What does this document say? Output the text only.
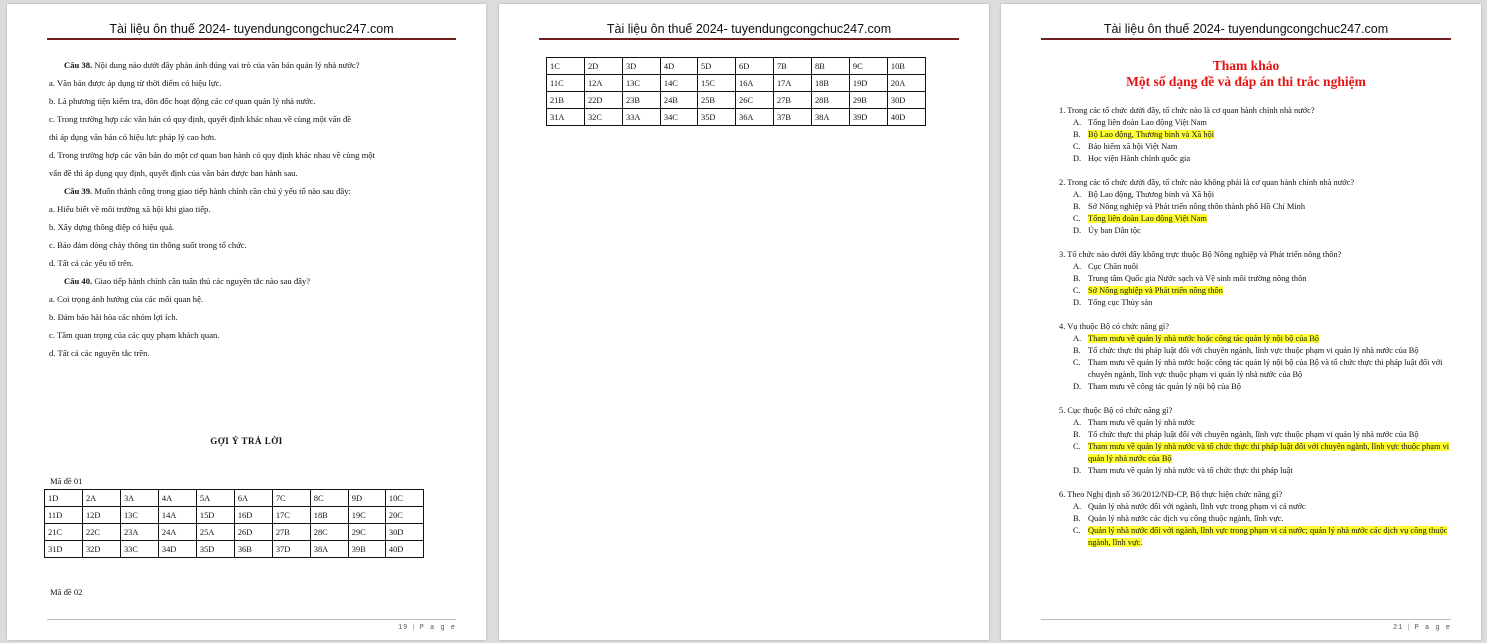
Tài liệu ôn thuế 2024- tuyendungcongchuc247.com

Câu 38. Nội dung nào dưới đây phản ánh đúng vai trò của văn bản quản lý nhà nước?

a. Văn bản được áp dụng từ thời điểm có hiệu lực.

b. Là phương tiện kiểm tra, đôn đốc hoạt động các cơ quan quản lý nhà nước.

c. Trong trường hợp các văn bản có quy định, quyết định khác nhau về cùng một vấn đề

thì áp dụng văn bản có hiệu lực pháp lý cao hơn.

d. Trong trường hợp các văn bản do một cơ quan ban hành có quy định khác nhau về cùng một

vấn đề thì áp dụng quy định, quyết định của văn bản được ban hành sau.

Câu 39. Muốn thành công trong giao tiếp hành chính cần chú ý yếu tố nào sau đây:

a. Hiểu biết về môi trường xã hội khi giao tiếp.

b. Xây dựng thông điệp có hiệu quả.

c. Bảo đảm dòng chảy thông tin thông suốt trong tổ chức.

d. Tất cả các yếu tố trên.

Câu 40. Giao tiếp hành chính cần tuân thủ các nguyên tắc nào sau đây?

a. Coi trọng ảnh hưởng của các mối quan hệ.

b. Đảm bảo hài hòa các nhóm lợi ích.

c. Tầm quan trọng của các quy phạm khách quan.

d. Tất cả các nguyên tắc trên.

GỢI Ý TRẢ LỜI
Mã đề 01
1D	2A	3A	4A	5A	6A	7C	8C	9D	10C
11D	12D	13C	14A	15D	16D	17C	18B	19C	20C
21C	22C	23A	24A	25A	26D	27B	28C	29C	30D
31D	32D	33C	34D	35D	36B	37D	38A	39B	40D
Mã đề 02
19 | P a g e
Tài liệu ôn thuế 2024- tuyendungcongchuc247.com
1C	2D	3D	4D	5D	6D	7B	8B	9C	10B
11C	12A	13C	14C	15C	16A	17A	18B	19D	20A
21B	22D	23B	24B	25B	26C	27B	28B	29B	30D
31A	32C	33A	34C	35D	36A	37B	38A	39D	40D
Tài liệu ôn thuế 2024- tuyendungcongchuc247.com
Tham khảo
Một số dạng đề và đáp án thi trắc nghiệm
1. Trong các tổ chức dưới đây, tổ chức nào là cơ quan hành chính nhà nước?
A. Tổng liên đoàn Lao động Việt Nam
B. Bộ Lao động, Thương binh và Xã hội
C. Bảo hiểm xã hội Việt Nam
D. Học viện Hành chính quốc gia
2. Trong các tổ chức dưới đây, tổ chức nào không phải là cơ quan hành chính nhà nước?
A. Bộ Lao động, Thương binh và Xã hội
B. Sở Nông nghiệp và Phát triển nông thôn thành phố Hồ Chí Minh
C. Tổng liên đoàn Lao động Việt Nam
D. Ủy ban Dân tộc
3. Tổ chức nào dưới đây không trực thuộc Bộ Nông nghiệp và Phát triển nông thôn?
A. Cục Chăn nuôi
B. Trung tâm Quốc gia Nước sạch và Vệ sinh môi trường nông thôn
C. Sở Nông nghiệp và Phát triển nông thôn
D. Tổng cục Thủy sản
4. Vụ thuộc Bộ có chức năng gì?
A. Tham mưu về quản lý nhà nước hoặc công tác quản lý nội bộ của Bộ
B. Tổ chức thực thi pháp luật đối với chuyên ngành, lĩnh vực thuộc phạm vi quản lý nhà nước của Bộ
C. Tham mưu về quản lý nhà nước hoặc công tác quản lý nội bộ của Bộ và tổ chức thực thi pháp luật đối với chuyên ngành, lĩnh vực thuộc phạm vi quản lý nhà nước của Bộ
D. Tham mưu về công tác quản lý nội bộ của Bộ
5. Cục thuộc Bộ có chức năng gì?
A. Tham mưu về quản lý nhà nước
B. Tổ chức thực thi pháp luật đối với chuyên ngành, lĩnh vực thuộc phạm vi quản lý nhà nước của Bộ
C. Tham mưu về quản lý nhà nước và tổ chức thực thi pháp luật đối với chuyên ngành, lĩnh vực thuộc phạm vi quản lý nhà nước của Bộ
D. Tham mưu về quản lý nhà nước và tổ chức thực thi pháp luật
6. Theo Nghị định số 36/2012/NĐ-CP, Bộ thực hiện chức năng gì?
A. Quản lý nhà nước đối với ngành, lĩnh vực trong phạm vi cả nước
B. Quản lý nhà nước các dịch vụ công thuộc ngành, lĩnh vực.
C. Quản lý nhà nước đối với ngành, lĩnh vực trong phạm vi cả nước; quản lý nhà nước các dịch vụ công thuộc ngành, lĩnh vực.
21 | P a g e
